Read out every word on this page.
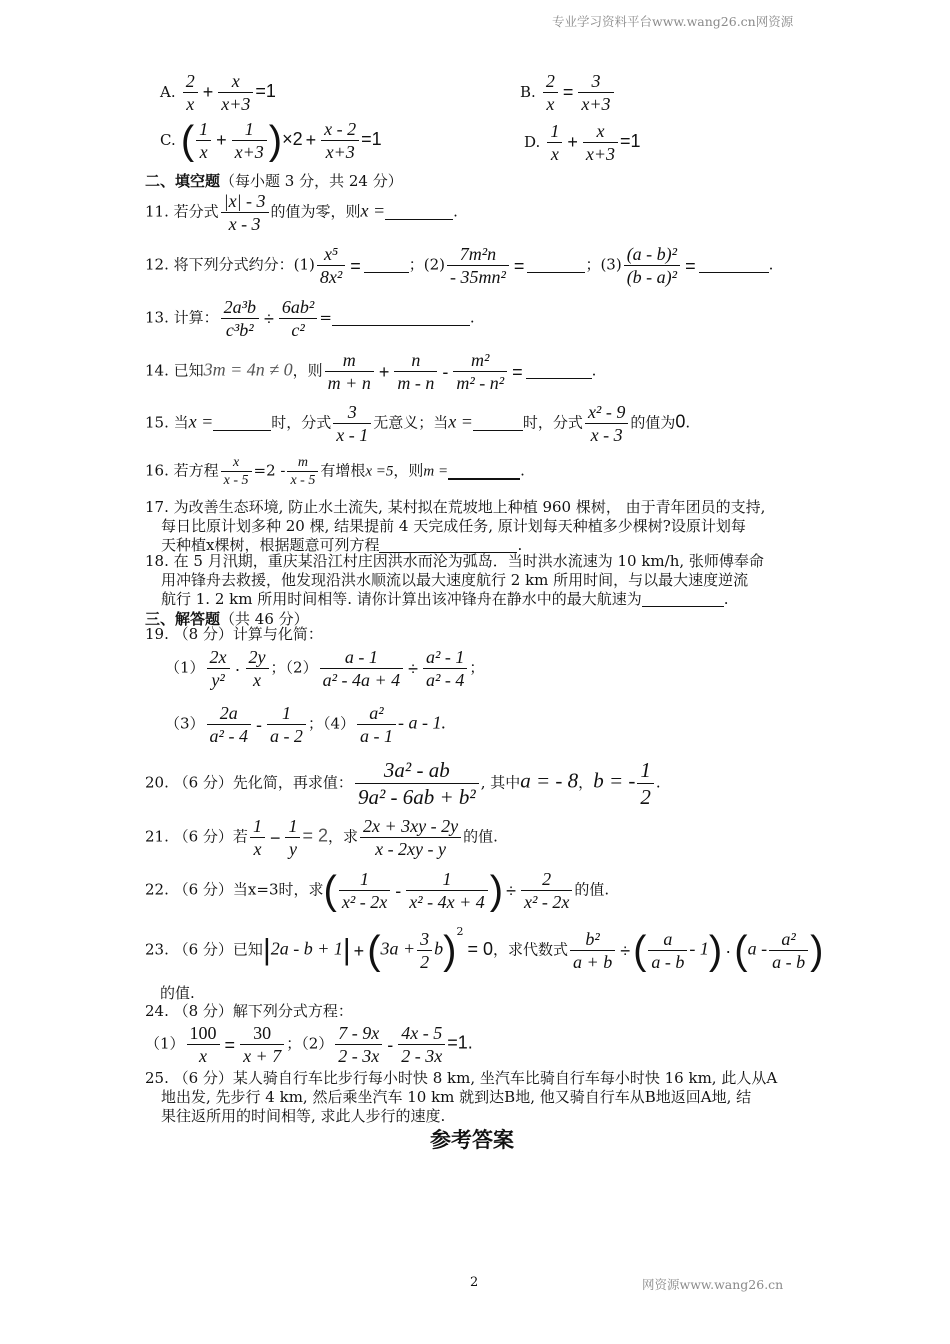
专业学习资料平台www.wang26.cn网资源
A. $\frac{2}{x} + \frac{x}{x+3} =1$	B. $\frac{2}{x} = \frac{3}{x+3}$
C. ( $\frac{1}{x} + \frac{1}{x+3} )\times 2 + \frac{x - 2}{x+3} =1$	D. $\frac{1}{x} + \frac{x}{x+3} =1$
二、填空题（每小题 3 分，共 24 分）
11. 若分式 $\frac{|x| - 3}{x - 3}$ 的值为零，则x =	.
12. 将下列分式约分：$(1) \frac{\text{x⁵}}{\text{8x²}}$ =	；$(2) \frac{\text{7m²n}}{\text{- 35mn²}}$ =	；$(3) \frac{\text{(a - b)²}}{\text{(b - a)²}}$ =	.
13. 计算： $\frac{\text{2a³b}}{\text{c³b²}} \div \frac{\text{6ab²}}{\text{c²}}$ =	.
14. 已知3m = 4n ≠ 0，则 $\frac{m}{m + n} + \frac{n}{m - n} - \frac{\text{m²}}{\text{m² - n²}}$ =	.
15. 当x =	时，分式 $\frac{3}{x - 1}$ 无意义；当x =	时，分式 $\frac{\text{x² - 9}}{x - 3}$ 的值为0.
16. 若方程 $\frac{x}{x - 5} =2 - \frac{m}{x - 5}$ 有增根x =5，则m =	.
17. 为改善生态环境, 防止水土流失, 某村拟在荒坡地上种植 960 棵树， 由于青年团员的支持,
每日比原计划多种 20 棵, 结果提前 4 天完成任务, 原计划每天种植多少棵树?设原计划每
天种植x棵树，根据题意可列方程	.
18. 在 5 月汛期，重庆某沿江村庄因洪水而沦为弧岛．当时洪水流速为 10 km/h, 张师傅奉命
用冲锋舟去救援，他发现沿洪水顺流以最大速度航行 2 km 所用时间，与以最大速度逆流
航行 1. 2 km 所用时间相等. 请你计算出该冲锋舟在静水中的最大航速为	.
三、解答题（共 46 分）
19. （8 分）计算与化简：
$(1) \frac{2x}{\text{y²}} \cdot \frac{2y}{x}$ ；$(2) \frac{a - 1}{\text{a² - 4a + 4}} \div \frac{\text{a² - 1}}{\text{a² - 4}}$ ；
$(3) \frac{2a}{\text{a² - 4}} - \frac{1}{a - 2}$ ；$(4) \frac{\text{a²}}{a - 1}$ - a - 1.
20. （6 分）先化简，再求值： $\frac{\text{3a² - ab}}{\text{9a² - 6ab + b²}}$ , 其中a = - 8，b = - $\frac{1}{2}$ .
21. （6 分）若 $\frac{1}{x} - \frac{1}{y} = 2$，求 $\frac{2x + 3xy - 2y}{x - 2xy - y}$ 的值.
22. （6 分）当x=3时，求( $\frac{1}{\text{x² - 2x}} - \frac{1}{\text{x² - 4x + 4}}$ ) ÷ $\frac{2}{\text{x² - 2x}}$ 的值.
23. （6 分）已知$|2a - b + 1| +(3a + \frac{3}{2} b)^2= 0$，求代数式 $\frac{\text{b²}}{a + b}$ ÷( $\frac{a}{a - b} - 1) \cdot(a - \frac{\text{a²}}{a - b}$ )
的值.
24. （8 分）解下列分式方程：
$(1) \frac{100}{x} = \frac{30}{x + 7}$ ；$(2) \frac{7 - 9x}{2 - 3x} - \frac{4x - 5}{2 - 3x} =1$.
25. （6 分）某人骑自行车比步行每小时快 8 km, 坐汽车比骑自行车每小时快 16 km, 此人从A
地出发, 先步行 4 km, 然后乘坐汽车 10 km 就到达B地, 他又骑自行车从B地返回A地, 结
果往返所用的时间相等, 求此人步行的速度.
参考答案
2	网资源www.wang26.cn
